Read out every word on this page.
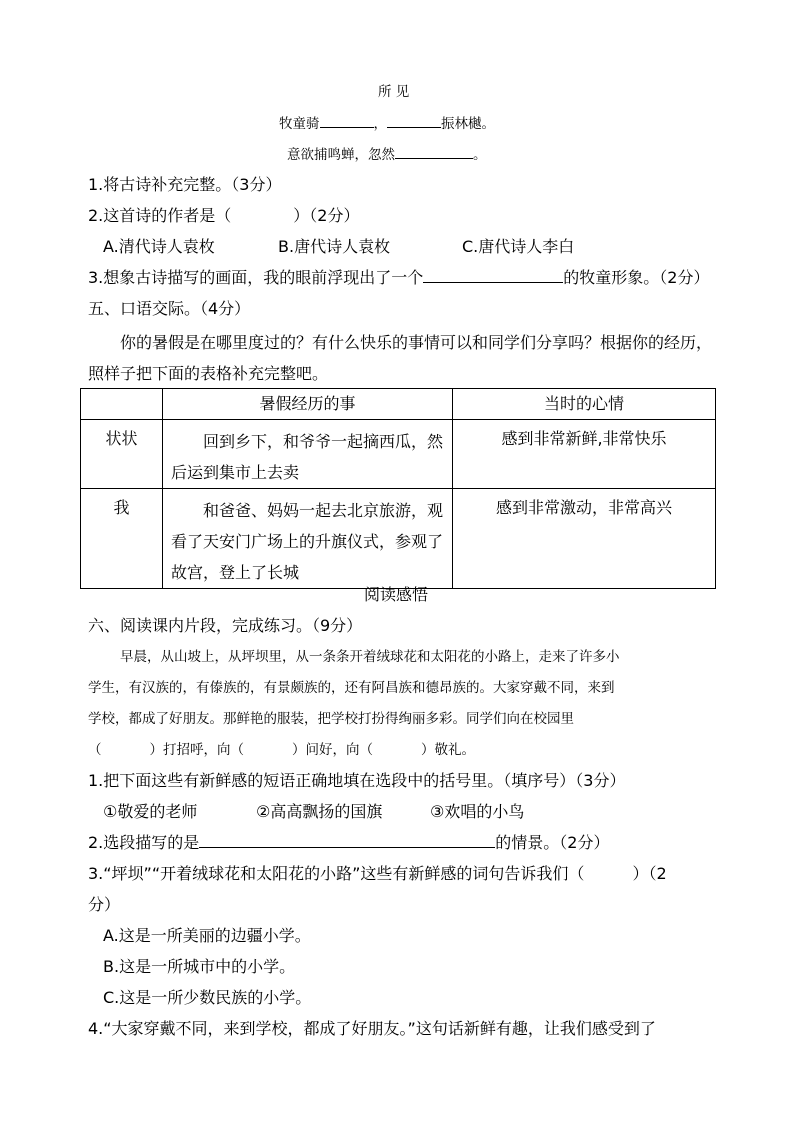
所 见
牧童骑	，	振林樾。
意欲捕鸣蝉，忽然	。
1.将古诗补充完整。（3分）
2.这首诗的作者是（	）（2分）
A.清代诗人袁枚	B.唐代诗人袁枚	C.唐代诗人李白
3.想象古诗描写的画面，我的眼前浮现出了一个	的牧童形象。（2分）
五、口语交际。（4分）
你的暑假是在哪里度过的？有什么快乐的事情可以和同学们分享吗？根据你的经历，
照样子把下面的表格补充完整吧。
	暑假经历的事	当时的心情
状状	回到乡下，和爷爷一起摘西瓜，然后运到集市上去卖	感到非常新鲜,非常快乐
我	和爸爸、妈妈一起去北京旅游，观看了天安门广场上的升旗仪式，参观了故宫，登上了长城	感到非常激动，非常高兴
阅读感悟
六、阅读课内片段，完成练习。（9分）
早晨，从山坡上，从坪坝里，从一条条开着绒球花和太阳花的小路上，走来了许多小
学生，有汉族的，有傣族的，有景颇族的，还有阿昌族和德昂族的。大家穿戴不同，来到
学校，都成了好朋友。那鲜艳的服装，把学校打扮得绚丽多彩。同学们向在校园里
（	）打招呼，向（	）问好，向（	）敬礼。
1.把下面这些有新鲜感的短语正确地填在选段中的括号里。（填序号）（3分）
①敬爱的老师	②高高飘扬的国旗	③欢唱的小鸟
2.选段描写的是	的情景。（2分）
3.“坪坝”“开着绒球花和太阳花的小路”这些有新鲜感的词句告诉我们（	）（2
分）
A.这是一所美丽的边疆小学。
B.这是一所城市中的小学。
C.这是一所少数民族的小学。
4.“大家穿戴不同，来到学校，都成了好朋友。”这句话新鲜有趣，让我们感受到了
